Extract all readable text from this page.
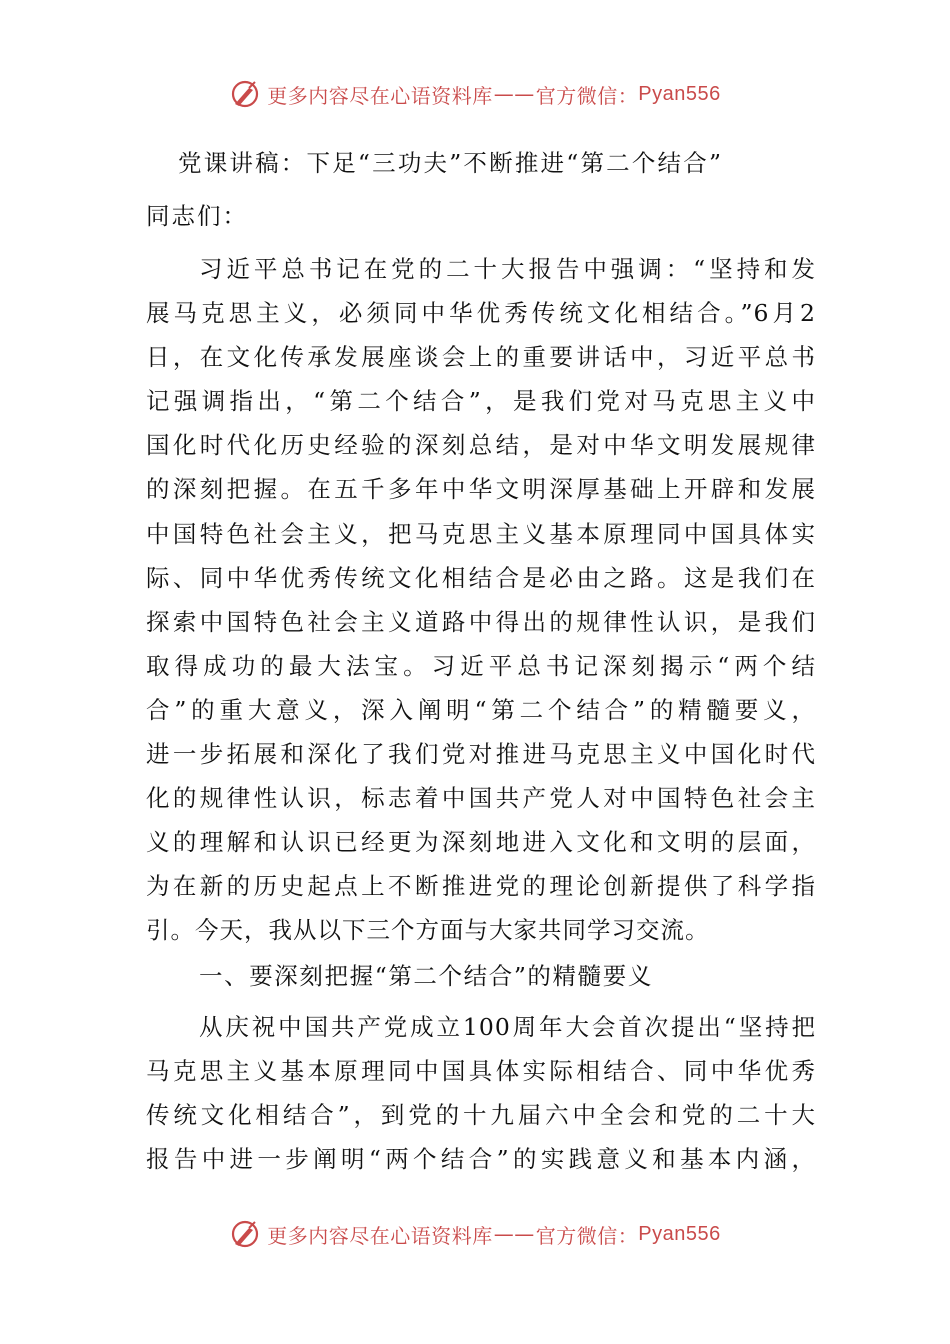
更多内容尽在心语资料库 —— 官方微信： Pyan556
党课讲稿：下足“三功夫”不断推进“第二个结合”
同志们：
习近平总书记在党的二十大报告中强调：“坚持和发
展马克思主义，必须同中华优秀传统文化相结合。”6月2
日，在文化传承发展座谈会上的重要讲话中，习近平总书
记强调指出，“第二个结合”，是我们党对马克思主义中
国化时代化历史经验的深刻总结，是对中华文明发展规律
的深刻把握。在五千多年中华文明深厚基础上开辟和发展
中国特色社会主义，把马克思主义基本原理同中国具体实
际、同中华优秀传统文化相结合是必由之路。这是我们在
探索中国特色社会主义道路中得出的规律性认识，是我们
取得成功的最大法宝。习近平总书记深刻揭示“两个结
合”的重大意义，深入阐明“第二个结合”的精髓要义，
进一步拓展和深化了我们党对推进马克思主义中国化时代
化的规律性认识，标志着中国共产党人对中国特色社会主
义的理解和认识已经更为深刻地进入文化和文明的层面，
为在新的历史起点上不断推进党的理论创新提供了科学指
引。今天，我从以下三个方面与大家共同学习交流。
一、要深刻把握“第二个结合”的精髓要义
从庆祝中国共产党成立100周年大会首次提出“坚持把
马克思主义基本原理同中国具体实际相结合、同中华优秀
传统文化相结合”，到党的十九届六中全会和党的二十大
报告中进一步阐明“两个结合”的实践意义和基本内涵，
更多内容尽在心语资料库 —— 官方微信： Pyan556
